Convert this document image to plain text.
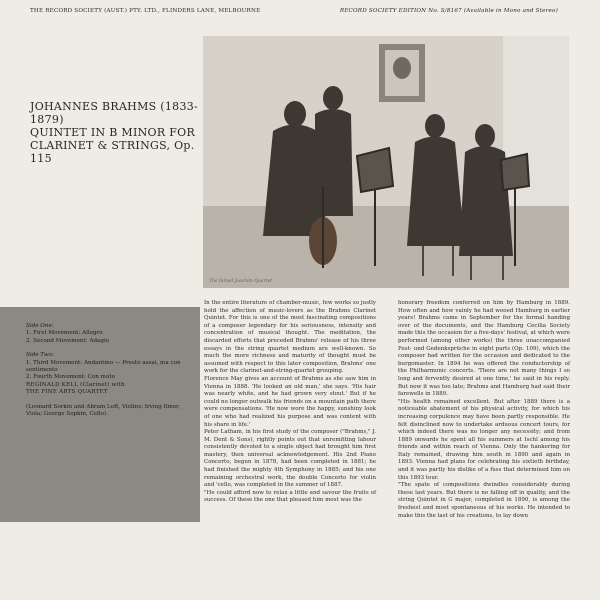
THE RECORD SOCIETY (AUST.) PTY. LTD., FLINDERS LANE, MELBOURNE	RECORD SOCIETY EDITION No. S/8167 (Available in Mono and Stereo)
JOHANNES BRAHMS (1833-1879)
QUINTET IN B MINOR FOR
CLARINET & STRINGS, Op. 115
The famed Joachim Quartet
Side One:
1. First Movement: Allegro
2. Second Movement: Adagio
Side Two:
1. Third Movement: Andantino — Presto assai, ma con sentimento
2. Fourth Movement: Con moto
REGINALD KELL (Clarinet) with
THE FINE ARTS QUARTET
(Leonard Sorkin and Abram Loft, Violins; Irving Ilmer, Viola; George Sopkin, Cello).

In the entire literature of chamber-music, few works so justly hold the affection of music-lovers as the Brahms Clarinet Quintet. For this is one of the most fascinating compositions of a composer legendary for his seriousness, intensity and concentration of musical thought. The meditation, the discarded efforts that preceded Brahms' release of his three essays in the string quartet medium are well-known. So much the more richness and maturity of thought must be assumed with respect to this later composition, Brahms' one work for the clarinet-and-string-quartet grouping.

Florence May gives an account of Brahms as she saw him in Vienna in 1888. 'He looked an old man,' she says. 'His hair was nearly white, and he had grown very stout.' But if he could no longer outwalk his friends on a mountain path there were compensations. 'He now wore the happy, sunshiny look of one who had realized his purpose and was content with his share in life.'

Peter Latham, in his first study of the composer ("Brahms," J. M. Dent & Sons), rightly points out that unremitting labour consistently devoted to a single object had brought him first mastery, then universal acknowledgement. His 2nd Piano Concerto, begun in 1878, had been completed in 1881; he had finished the mighty 4th Symphony in 1885; and his one remaining orchestral work, the double Concerto for violin and 'cello, was completed in the summer of 1887.

"He could afford now to relax a little and savour the fruits of success. Of these the one that pleased him most was the

honorary freedom conferred on him by Hamburg in 1889. How often and how vainly he had wooed Hamburg in earlier years! Brahms came in September for the formal handing over of the documents, and the Hamburg Cecilia Society made this the occasion for a five-days' festival, at which were performed (among other works) the three unaccompanied Fest- und Gedenksprüche in eight parts (Op. 109), which the composer had written for the occasion and dedicated to the burgomaster. In 1894 he was offered the conductorship of the Philharmonic concerts. 'There are not many things I so long and fervently desired at one time,' he said in his reply. But now it was too late; Brahms and Hamburg had said their farewells in 1889.

"His health remained excellent. But after 1889 there is a noticeable abatement of his physical activity, for which his increasing corpulence may have been partly responsible. He felt disinclined now to undertake arduous concert tours, for which indeed there was no longer any necessity; and from 1889 onwards he spent all his summers at Ischl among his friends and within reach of Vienna. Only the hankering for Italy remained, drawing him south in 1890 and again in 1893. Vienna had plans for celebrating his sixtieth birthday, and it was partly his dislike of a fuss that determined him on this 1893 tour.

"The spate of compositions dwindles considerably during these last years. But there is no falling off in quality, and the string Quintet in G major, completed in 1890, is among the freshest and most spontaneous of his works. He intended to make this the last of his creations, to lay down
